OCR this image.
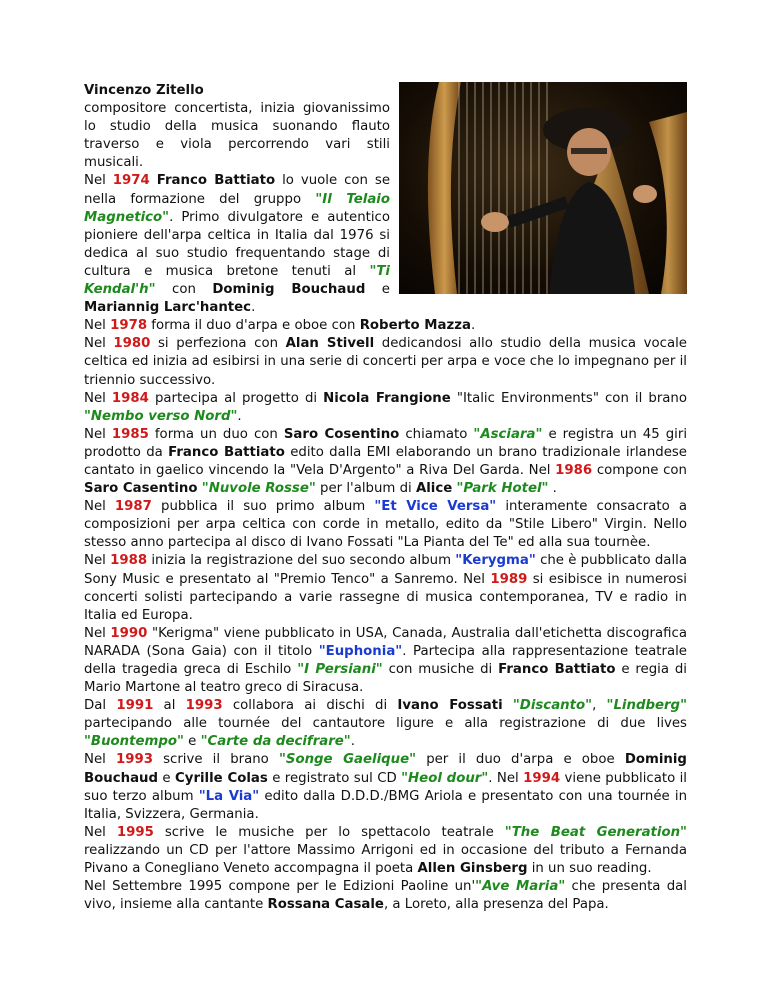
Vincenzo Zitello
compositore concertista, inizia giovanissimo lo studio della musica suonando flauto traverso e viola percorrendo vari stili musicali.

Nel 1974 Franco Battiato lo vuole con se nella formazione del gruppo "Il Telaio Magnetico". Primo divulgatore e autentico pioniere dell'arpa celtica in Italia dal 1976 si dedica al suo studio frequentando stage di cultura e musica bretone tenuti al "Ti Kendal'h" con Dominig Bouchaud e Mariannig Larc'hantec.

Nel 1978 forma il duo d'arpa e oboe con Roberto Mazza.

Nel 1980 si perfeziona con Alan Stivell dedicandosi allo studio della musica vocale celtica ed inizia ad esibirsi in una serie di concerti per arpa e voce che lo impegnano per il triennio successivo.

Nel 1984 partecipa al progetto di Nicola Frangione "Italic Environments" con il brano "Nembo verso Nord".

Nel 1985 forma un duo con Saro Cosentino chiamato "Asciara" e registra un 45 giri prodotto da Franco Battiato edito dalla EMI elaborando un brano tradizionale irlandese cantato in gaelico vincendo la "Vela D'Argento" a Riva Del Garda. Nel 1986 compone con Saro Casentino "Nuvole Rosse" per l'album di Alice "Park Hotel" .

Nel 1987 pubblica il suo primo album "Et Vice Versa" interamente consacrato a composizioni per arpa celtica con corde in metallo, edito da "Stile Libero" Virgin. Nello stesso anno partecipa al disco di Ivano Fossati "La Pianta del Te" ed alla sua tournèe.

Nel 1988 inizia la registrazione del suo secondo album "Kerygma" che è pubblicato dalla Sony Music e presentato al "Premio Tenco" a Sanremo. Nel 1989 si esibisce in numerosi concerti solisti partecipando a varie rassegne di musica contemporanea, TV e radio in Italia ed Europa.

Nel 1990 "Kerigma" viene pubblicato in USA, Canada, Australia dall'etichetta discografica NARADA (Sona Gaia) con il titolo "Euphonia". Partecipa alla rappresentazione teatrale della tragedia greca di Eschilo "I Persiani" con musiche di Franco Battiato e regia di Mario Martone al teatro greco di Siracusa.

Dal 1991 al 1993 collabora ai dischi di Ivano Fossati "Discanto", "Lindberg" partecipando alle tournée del cantautore ligure e alla registrazione di due lives "Buontempo" e "Carte da decifrare".

Nel 1993 scrive il brano "Songe Gaelique" per il duo d'arpa e oboe Dominig Bouchaud e Cyrille Colas e registrato sul CD "Heol dour". Nel 1994 viene pubblicato il suo terzo album "La Via" edito dalla D.D.D./BMG Ariola e presentato con una tournée in Italia, Svizzera, Germania.

Nel 1995 scrive le musiche per lo spettacolo teatrale "The Beat Generation" realizzando un CD per l'attore Massimo Arrigoni ed in occasione del tributo a Fernanda Pivano a Conegliano Veneto accompagna il poeta Allen Ginsberg in un suo reading.

Nel Settembre 1995 compone per le Edizioni Paoline un'"Ave Maria" che presenta dal vivo, insieme alla cantante Rossana Casale, a Loreto, alla presenza del Papa.
